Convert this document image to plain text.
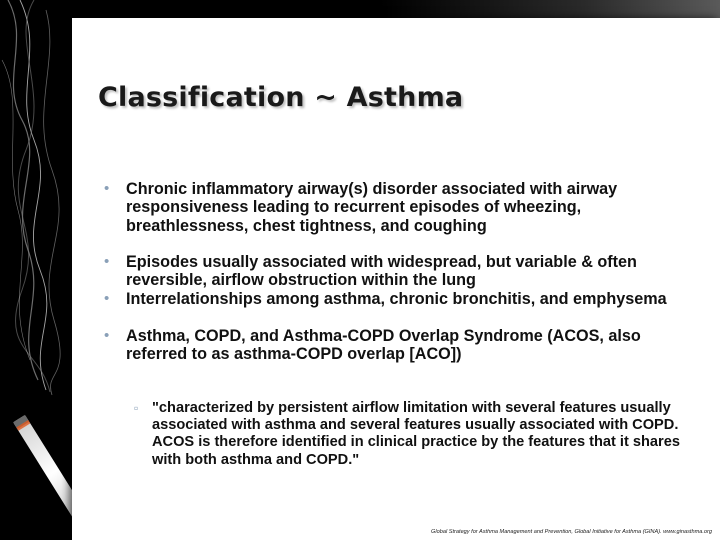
Classification ~ Asthma
• Chronic inflammatory airway(s) disorder associated with airway responsiveness leading to recurrent episodes of wheezing, breathlessness, chest tightness, and coughing
• Episodes usually associated with widespread, but variable & often reversible, airflow obstruction within the lung
• Interrelationships among asthma, chronic bronchitis, and emphysema
• Asthma, COPD, and Asthma-COPD Overlap Syndrome (ACOS, also referred to as asthma-COPD overlap [ACO])
▫ "characterized by persistent airflow limitation with several features usually associated with asthma and several features usually associated with COPD. ACOS is therefore identified in clinical practice by the features that it shares with both asthma and COPD."
Global Strategy for Asthma Management and Prevention, Global Initiative for Asthma (GINA). www.ginasthma.org
